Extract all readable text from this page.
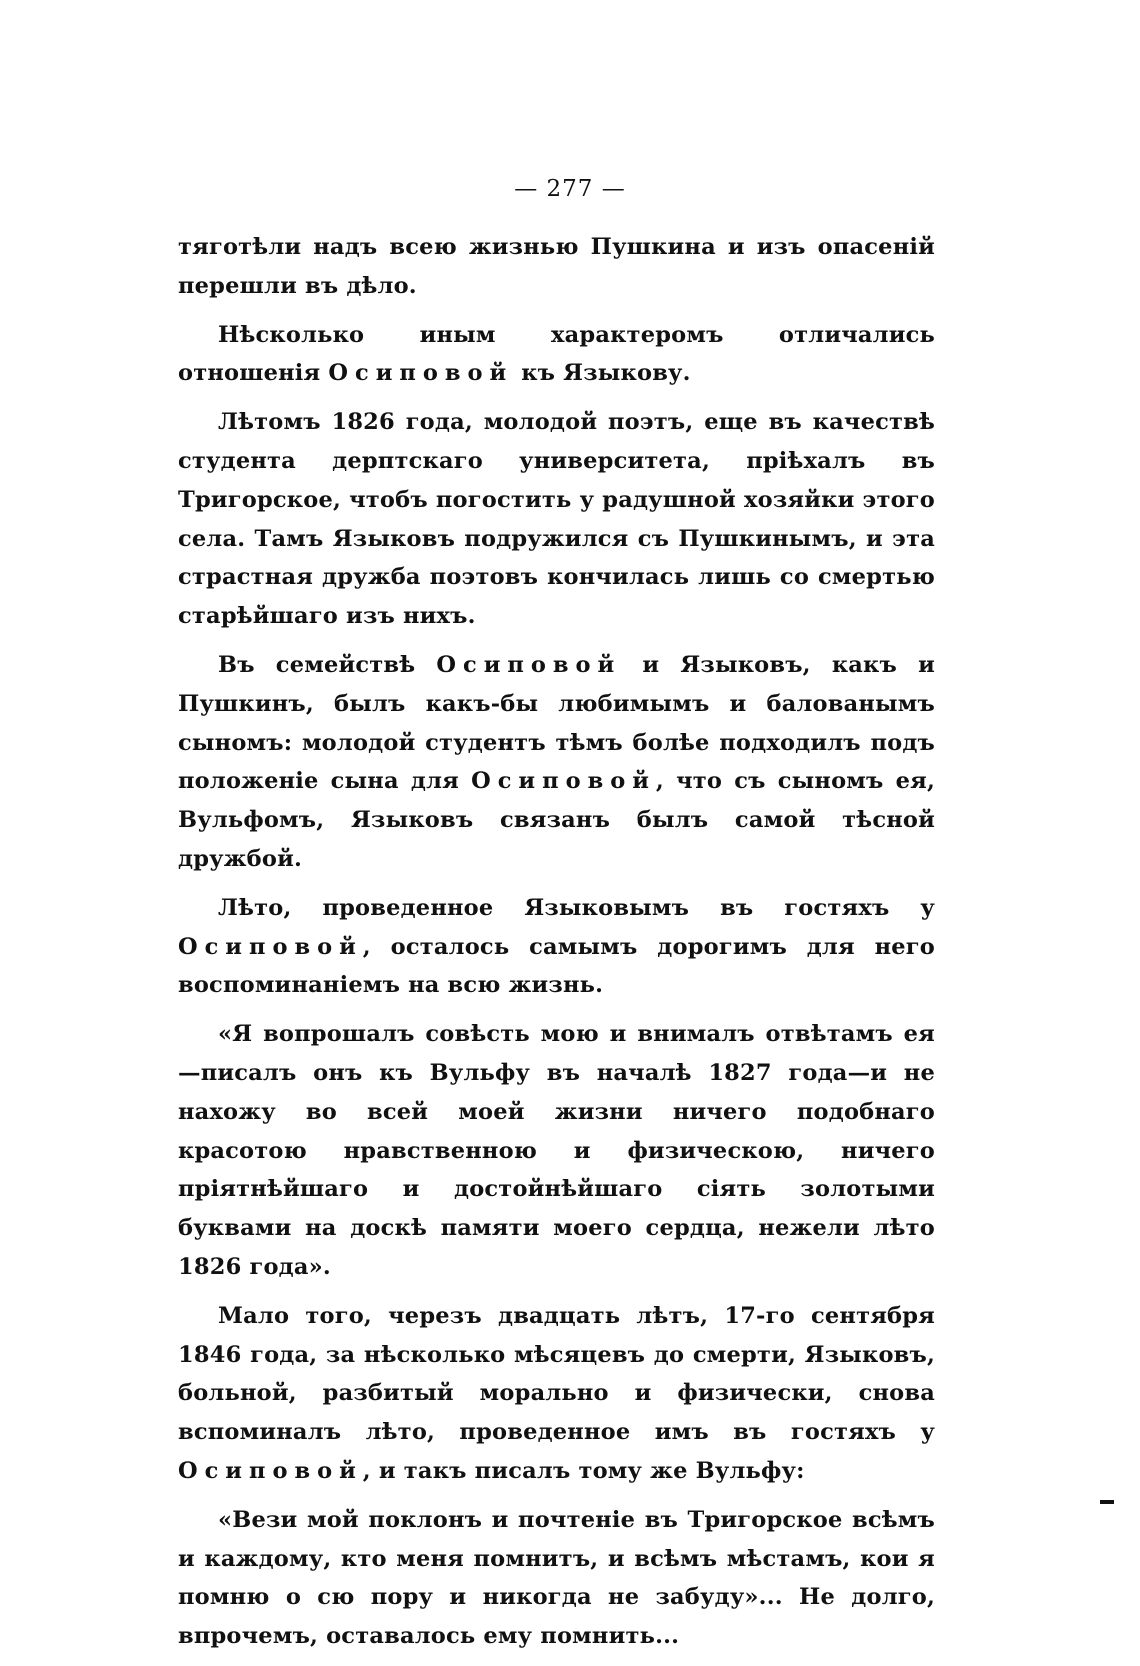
— 277 —

тяготѣли надъ всею жизнью Пушкина и изъ опасеній перешли въ дѣло.

Нѣсколько иным характеромъ отличались отношенія Осиповой къ Языкову.

Лѣтомъ 1826 года, молодой поэтъ, еще въ качествѣ студента дерптскаго университета, пріѣхалъ въ Тригорское, чтобъ погостить у радушной хозяйки этого села. Тамъ Языковъ подружился съ Пушкинымъ, и эта страстная дружба поэтовъ кончилась лишь со смертью старѣйшаго изъ нихъ.

Въ семействѣ Осиповой и Языковъ, какъ и Пушкинъ, былъ какъ-бы любимымъ и балованымъ сыномъ: молодой студентъ тѣмъ болѣе подходилъ подъ положеніе сына для Осиповой, что съ сыномъ ея, Вульфомъ, Языковъ связанъ былъ самой тѣсной дружбой.

Лѣто, проведенное Языковымъ въ гостяхъ у Осиповой, осталось самымъ дорогимъ для него воспоминаніемъ на всю жизнь.

«Я вопрошалъ совѣсть мою и внималъ отвѣтамъ ея—писалъ онъ къ Вульфу въ началѣ 1827 года—и не нахожу во всей моей жизни ничего подобнаго красотою нравственною и физическою, ничего пріятнѣйшаго и достойнѣйшаго сіять золотыми буквами на доскѣ памяти моего сердца, нежели лѣто 1826 года».

Мало того, черезъ двадцать лѣтъ, 17-го сентября 1846 года, за нѣсколько мѣсяцевъ до смерти, Языковъ, больной, разбитый морально и физически, снова вспоминалъ лѣто, проведенное имъ въ гостяхъ у Осиповой, и такъ писалъ тому же Вульфу:

«Вези мой поклонъ и почтеніе въ Тригорское всѣмъ и каждому, кто меня помнитъ, и всѣмъ мѣстамъ, кои я помню о сю пору и никогда не забуду»... Не долго, впрочемъ, оставалось ему помнить...
